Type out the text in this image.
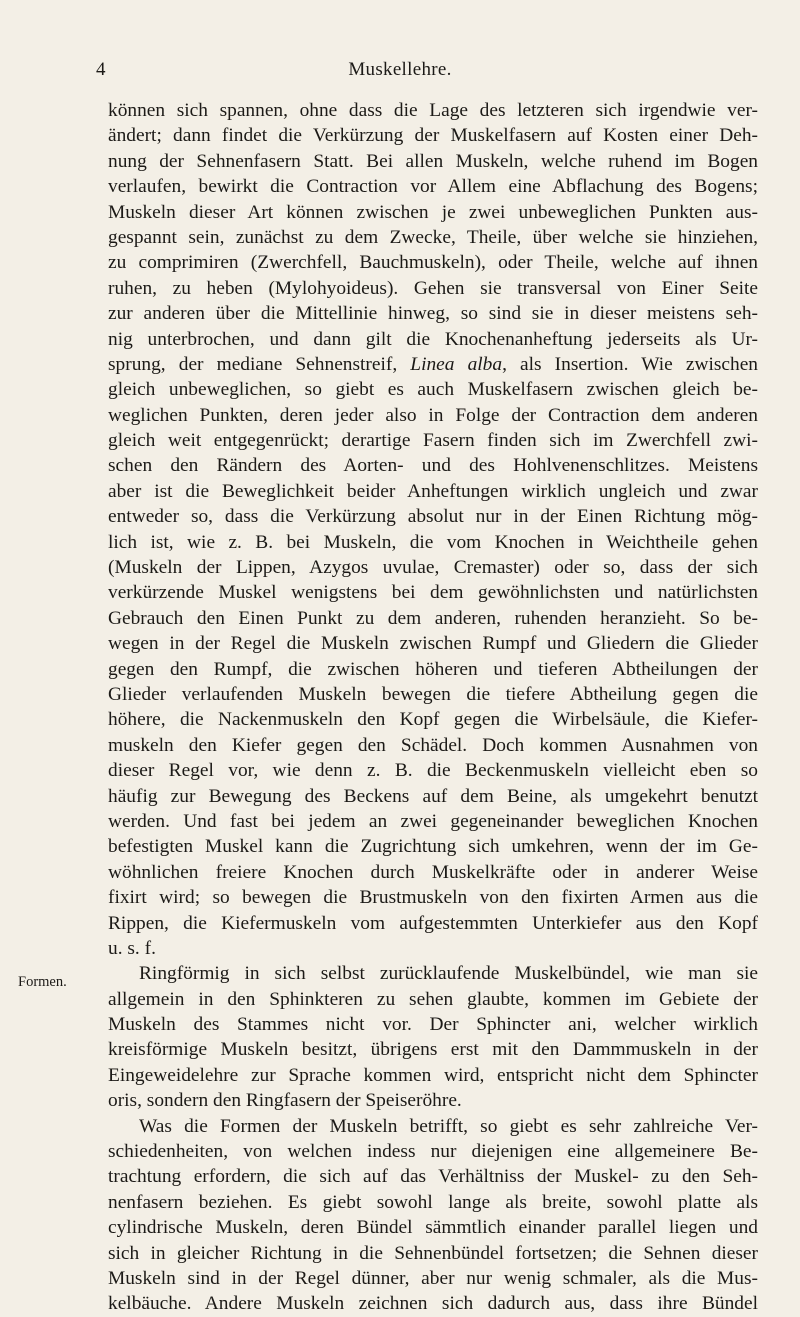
4	Muskellehre.
Formen.
können sich spannen, ohne dass die Lage des letzteren sich irgendwie ver-
ändert; dann findet die Verkürzung der Muskelfasern auf Kosten einer Deh-
nung der Sehnenfasern Statt. Bei allen Muskeln, welche ruhend im Bogen
verlaufen, bewirkt die Contraction vor Allem eine Abflachung des Bogens;
Muskeln dieser Art können zwischen je zwei unbeweglichen Punkten aus-
gespannt sein, zunächst zu dem Zwecke, Theile, über welche sie hinziehen,
zu comprimiren (Zwerchfell, Bauchmuskeln), oder Theile, welche auf ihnen
ruhen, zu heben (Mylohyoideus). Gehen sie transversal von Einer Seite
zur anderen über die Mittellinie hinweg, so sind sie in dieser meistens seh-
nig unterbrochen, und dann gilt die Knochenanheftung jederseits als Ur-
sprung, der mediane Sehnenstreif, Linea alba, als Insertion. Wie zwischen
gleich unbeweglichen, so giebt es auch Muskelfasern zwischen gleich be-
weglichen Punkten, deren jeder also in Folge der Contraction dem anderen
gleich weit entgegenrückt; derartige Fasern finden sich im Zwerchfell zwi-
schen den Rändern des Aorten- und des Hohlvenenschlitzes. Meistens
aber ist die Beweglichkeit beider Anheftungen wirklich ungleich und zwar
entweder so, dass die Verkürzung absolut nur in der Einen Richtung mög-
lich ist, wie z. B. bei Muskeln, die vom Knochen in Weichtheile gehen
(Muskeln der Lippen, Azygos uvulae, Cremaster) oder so, dass der sich
verkürzende Muskel wenigstens bei dem gewöhnlichsten und natürlichsten
Gebrauch den Einen Punkt zu dem anderen, ruhenden heranzieht. So be-
wegen in der Regel die Muskeln zwischen Rumpf und Gliedern die Glieder
gegen den Rumpf, die zwischen höheren und tieferen Abtheilungen der
Glieder verlaufenden Muskeln bewegen die tiefere Abtheilung gegen die
höhere, die Nackenmuskeln den Kopf gegen die Wirbelsäule, die Kiefer-
muskeln den Kiefer gegen den Schädel. Doch kommen Ausnahmen von
dieser Regel vor, wie denn z. B. die Beckenmuskeln vielleicht eben so
häufig zur Bewegung des Beckens auf dem Beine, als umgekehrt benutzt
werden. Und fast bei jedem an zwei gegeneinander beweglichen Knochen
befestigten Muskel kann die Zugrichtung sich umkehren, wenn der im Ge-
wöhnlichen freiere Knochen durch Muskelkräfte oder in anderer Weise
fixirt wird; so bewegen die Brustmuskeln von den fixirten Armen aus die
Rippen, die Kiefermuskeln vom aufgestemmten Unterkiefer aus den Kopf
u. s. f.
Ringförmig in sich selbst zurücklaufende Muskelbündel, wie man sie
allgemein in den Sphinkteren zu sehen glaubte, kommen im Gebiete der
Muskeln des Stammes nicht vor. Der Sphincter ani, welcher wirklich
kreisförmige Muskeln besitzt, übrigens erst mit den Dammmuskeln in der
Eingeweidelehre zur Sprache kommen wird, entspricht nicht dem Sphincter
oris, sondern den Ringfasern der Speiseröhre.
Was die Formen der Muskeln betrifft, so giebt es sehr zahlreiche Ver-
schiedenheiten, von welchen indess nur diejenigen eine allgemeinere Be-
trachtung erfordern, die sich auf das Verhältniss der Muskel- zu den Seh-
nenfasern beziehen. Es giebt sowohl lange als breite, sowohl platte als
cylindrische Muskeln, deren Bündel sämmtlich einander parallel liegen und
sich in gleicher Richtung in die Sehnenbündel fortsetzen; die Sehnen dieser
Muskeln sind in der Regel dünner, aber nur wenig schmaler, als die Mus-
kelbäuche. Andere Muskeln zeichnen sich dadurch aus, dass ihre Bündel
